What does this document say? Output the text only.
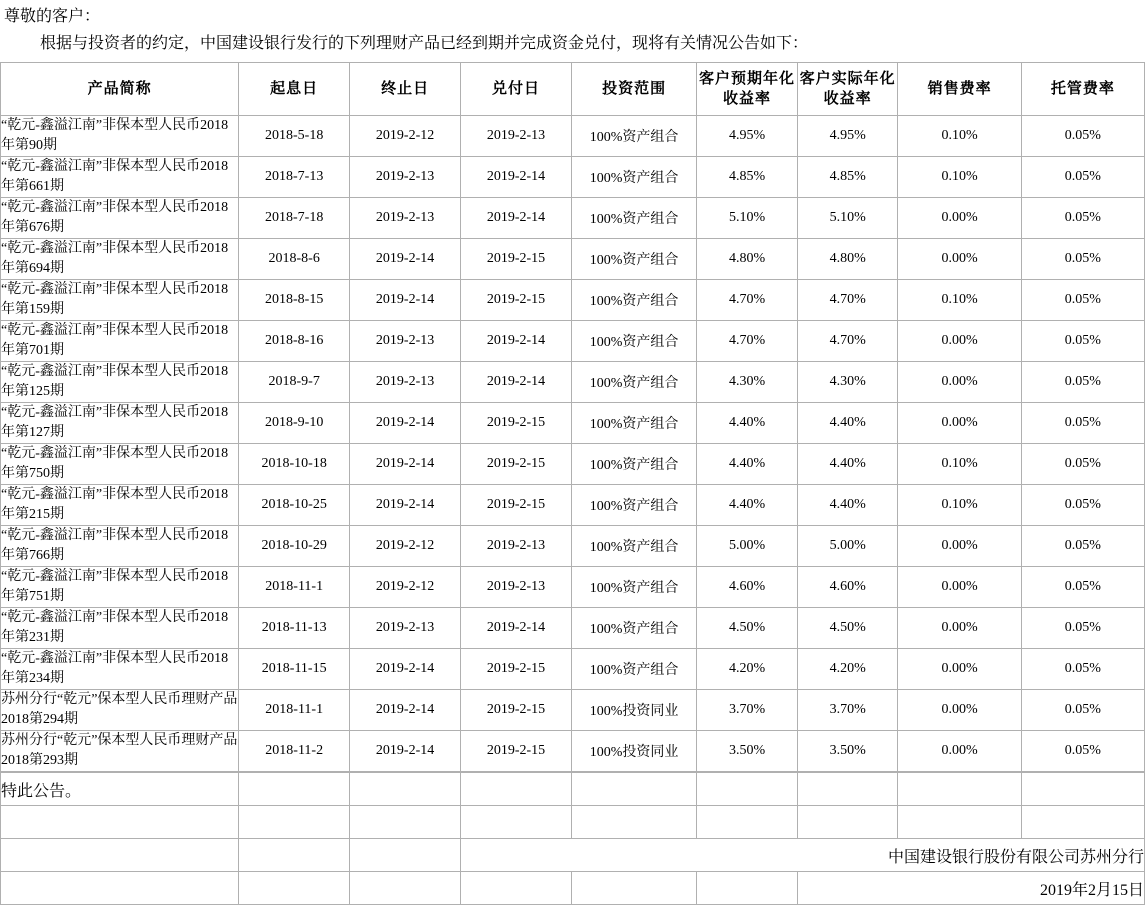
尊敬的客户：
根据与投资者的约定，中国建设银行发行的下列理财产品已经到期并完成资金兑付，现将有关情况公告如下：
产品简称	起息日	终止日	兑付日	投资范围	客户预期年化收益率	客户实际年化收益率	销售费率	托管费率
“乾元-鑫溢江南”非保本型人民币2018年第90期	2018-5-18	2019-2-12	2019-2-13	100%资产组合	4.95%	4.95%	0.10%	0.05%
“乾元-鑫溢江南”非保本型人民币2018年第661期	2018-7-13	2019-2-13	2019-2-14	100%资产组合	4.85%	4.85%	0.10%	0.05%
“乾元-鑫溢江南”非保本型人民币2018年第676期	2018-7-18	2019-2-13	2019-2-14	100%资产组合	5.10%	5.10%	0.00%	0.05%
“乾元-鑫溢江南”非保本型人民币2018年第694期	2018-8-6	2019-2-14	2019-2-15	100%资产组合	4.80%	4.80%	0.00%	0.05%
“乾元-鑫溢江南”非保本型人民币2018年第159期	2018-8-15	2019-2-14	2019-2-15	100%资产组合	4.70%	4.70%	0.10%	0.05%
“乾元-鑫溢江南”非保本型人民币2018年第701期	2018-8-16	2019-2-13	2019-2-14	100%资产组合	4.70%	4.70%	0.00%	0.05%
“乾元-鑫溢江南”非保本型人民币2018年第125期	2018-9-7	2019-2-13	2019-2-14	100%资产组合	4.30%	4.30%	0.00%	0.05%
“乾元-鑫溢江南”非保本型人民币2018年第127期	2018-9-10	2019-2-14	2019-2-15	100%资产组合	4.40%	4.40%	0.00%	0.05%
“乾元-鑫溢江南”非保本型人民币2018年第750期	2018-10-18	2019-2-14	2019-2-15	100%资产组合	4.40%	4.40%	0.10%	0.05%
“乾元-鑫溢江南”非保本型人民币2018年第215期	2018-10-25	2019-2-14	2019-2-15	100%资产组合	4.40%	4.40%	0.10%	0.05%
“乾元-鑫溢江南”非保本型人民币2018年第766期	2018-10-29	2019-2-12	2019-2-13	100%资产组合	5.00%	5.00%	0.00%	0.05%
“乾元-鑫溢江南”非保本型人民币2018年第751期	2018-11-1	2019-2-12	2019-2-13	100%资产组合	4.60%	4.60%	0.00%	0.05%
“乾元-鑫溢江南”非保本型人民币2018年第231期	2018-11-13	2019-2-13	2019-2-14	100%资产组合	4.50%	4.50%	0.00%	0.05%
“乾元-鑫溢江南”非保本型人民币2018年第234期	2018-11-15	2019-2-14	2019-2-15	100%资产组合	4.20%	4.20%	0.00%	0.05%
苏州分行“乾元”保本型人民币理财产品2018第294期	2018-11-1	2019-2-14	2019-2-15	100%投资同业	3.70%	3.70%	0.00%	0.05%
苏州分行“乾元”保本型人民币理财产品2018第293期	2018-11-2	2019-2-14	2019-2-15	100%投资同业	3.50%	3.50%	0.00%	0.05%
特此公告。								

			中国建设银行股份有限公司苏州分行					
						2019年2月15日		
